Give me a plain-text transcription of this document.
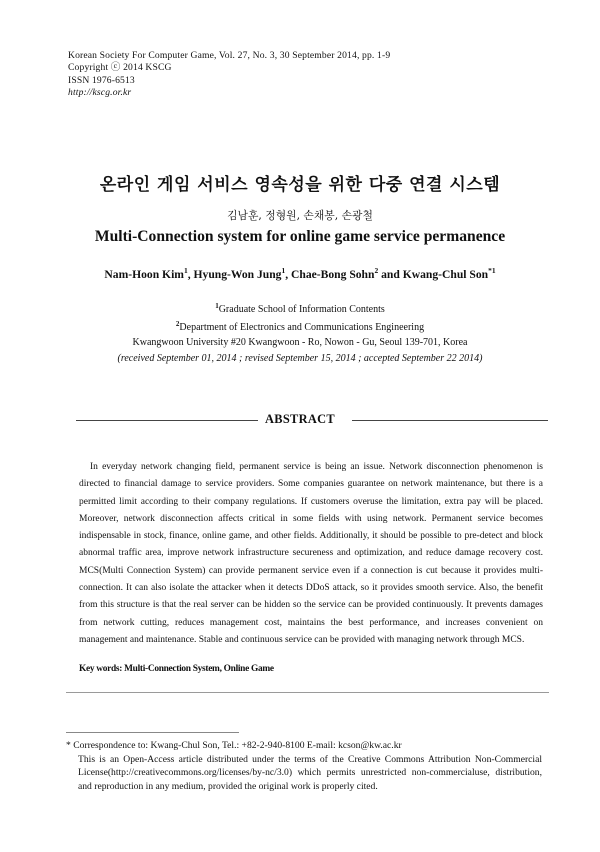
Korean Society For Computer Game, Vol. 27, No. 3, 30 September 2014, pp. 1-9
Copyright ⓒ 2014 KSCG
ISSN 1976-6513
http://kscg.or.kr
온라인 게임 서비스 영속성을 위한 다중 연결 시스템
김남훈, 정형원, 손채봉, 손광철
Multi-Connection system for online game service permanence
Nam-Hoon Kim$^1$, Hyung-Won Jung$^1$, Chae-Bong Sohn$^2$ and Kwang-Chul Son$^{*1}$
$^1$Graduate School of Information Contents
$^2$Department of Electronics and Communications Engineering
Kwangwoon University #20 Kwangwoon - Ro, Nowon - Gu, Seoul 139-701, Korea
(received September 01, 2014 ; revised September 15, 2014 ; accepted September 22 2014)
ABSTRACT

In everyday network changing field, permanent service is being an issue. Network disconnection phenomenon is directed to financial damage to service providers. Some companies guarantee on network maintenance, but there is a permitted limit according to their company regulations. If customers overuse the limitation, extra pay will be placed. Moreover, network disconnection affects critical in some fields with using network. Permanent service becomes indispensable in stock, finance, online game, and other fields. Additionally, it should be possible to pre-detect and block abnormal traffic area, improve network infrastructure secureness and optimization, and reduce damage recovery cost. MCS(Multi Connection System) can provide permanent service even if a connection is cut because it provides multi-connection. It can also isolate the attacker when it detects DDoS attack, so it provides smooth service. Also, the benefit from this structure is that the real server can be hidden so the service can be provided continuously. It prevents damages from network cutting, reduces management cost, maintains the best performance, and increases convenient on management and maintenance. Stable and continuous service can be provided with managing network through MCS.

Key words: Multi-Connection System, Online Game

* Correspondence to: Kwang-Chul Son, Tel.: +82-2-940-8100 E-mail: kcson@kw.ac.kr
This is an Open-Access article distributed under the terms of the Creative Commons Attribution Non-Commercial License(http://creativecommons.org/licenses/by-nc/3.0) which permits unrestricted non-commercialuse, distribution, and reproduction in any medium, provided the original work is properly cited.
